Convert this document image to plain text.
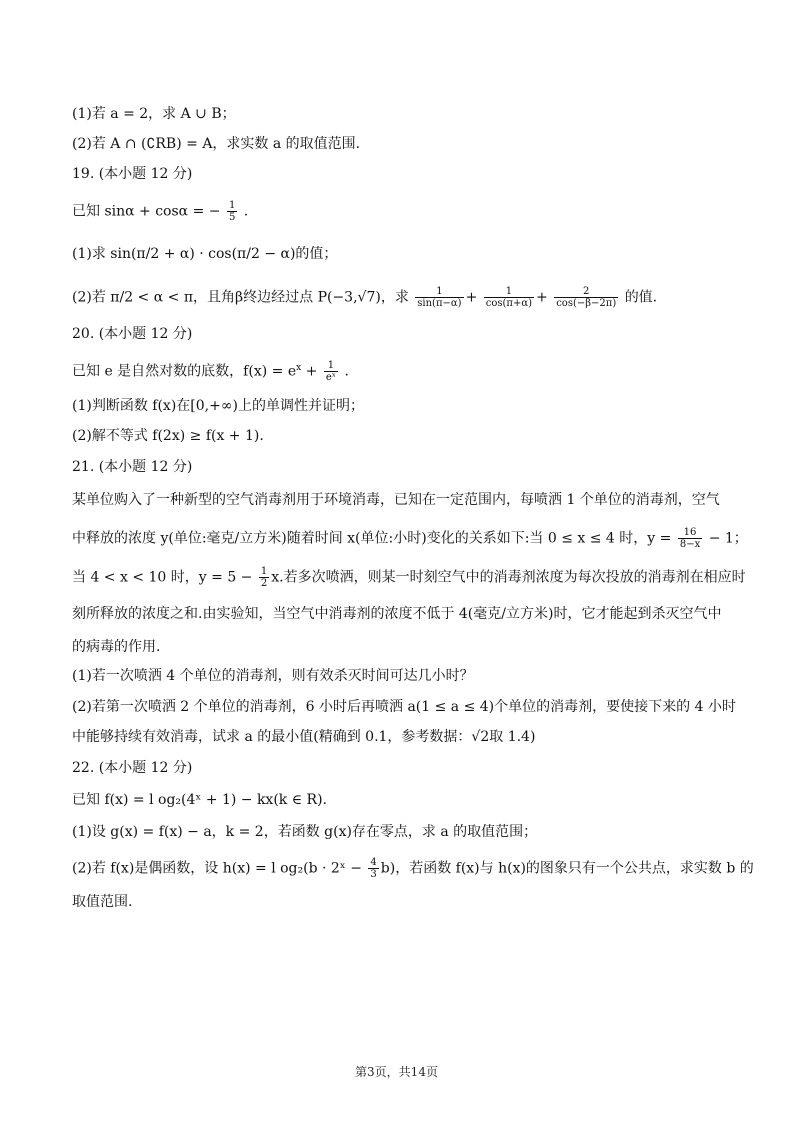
(1)若 a = 2，求 A ∪ B；
(2)若 A ∩ (∁RB) = A，求实数 a 的取值范围.
19. (本小题 12 分)
已知 sinα + cosα = − $\frac{1}{5}$ .
(1)求 sin(π/2 + α) · cos(π/2 − α)的值；
(2)若 π/2 < α < π，且角β终边经过点 P(−3,√7)，求 $\frac{1}{\sin(\pi-\alpha)} + \frac{1}{\cos(\pi+\alpha)} + \frac{2}{\cos(-\beta-2\pi)}$ 的值.
20. (本小题 12 分)
已知 e 是自然对数的底数，$f(x) = e^x + \frac{1}{\text{eˣ}}$ .
(1)判断函数 f(x)在[0,+∞)上的单调性并证明；
(2)解不等式 f(2x) ≥ f(x + 1).
21. (本小题 12 分)
某单位购入了一种新型的空气消毒剂用于环境消毒，已知在一定范围内，每喷洒 1 个单位的消毒剂，空气
中释放的浓度 y(单位:毫克/立方米)随着时间 x(单位:小时)变化的关系如下:当 0 ≤ x ≤ 4 时，$y = \frac{16}{8-x} - 1$；
当 4 < x < 10 时，$y = 5 - \frac{1}{2} x$.若多次喷洒，则某一时刻空气中的消毒剂浓度为每次投放的消毒剂在相应时
刻所释放的浓度之和.由实验知，当空气中消毒剂的浓度不低于 4(毫克/立方米)时，它才能起到杀灭空气中
的病毒的作用.
(1)若一次喷洒 4 个单位的消毒剂，则有效杀灭时间可达几小时？
(2)若第一次喷洒 2 个单位的消毒剂，6 小时后再喷洒 a(1 ≤ a ≤ 4)个单位的消毒剂，要使接下来的 4 小时
中能够持续有效消毒，试求 a 的最小值(精确到 0.1，参考数据：√2取 1.4)
22. (本小题 12 分)
已知 f(x) = l og₂(4ˣ + 1) − kx(k ∈ R).
(1)设 g(x) = f(x) − a，k = 2，若函数 g(x)存在零点，求 a 的取值范围；
(2)若 f(x)是偶函数，设 h(x) = l og₂(b · 2ˣ − $\frac{4}{3} b$)，若函数 f(x)与 h(x)的图象只有一个公共点，求实数 b 的
取值范围.
第3页，共14页
